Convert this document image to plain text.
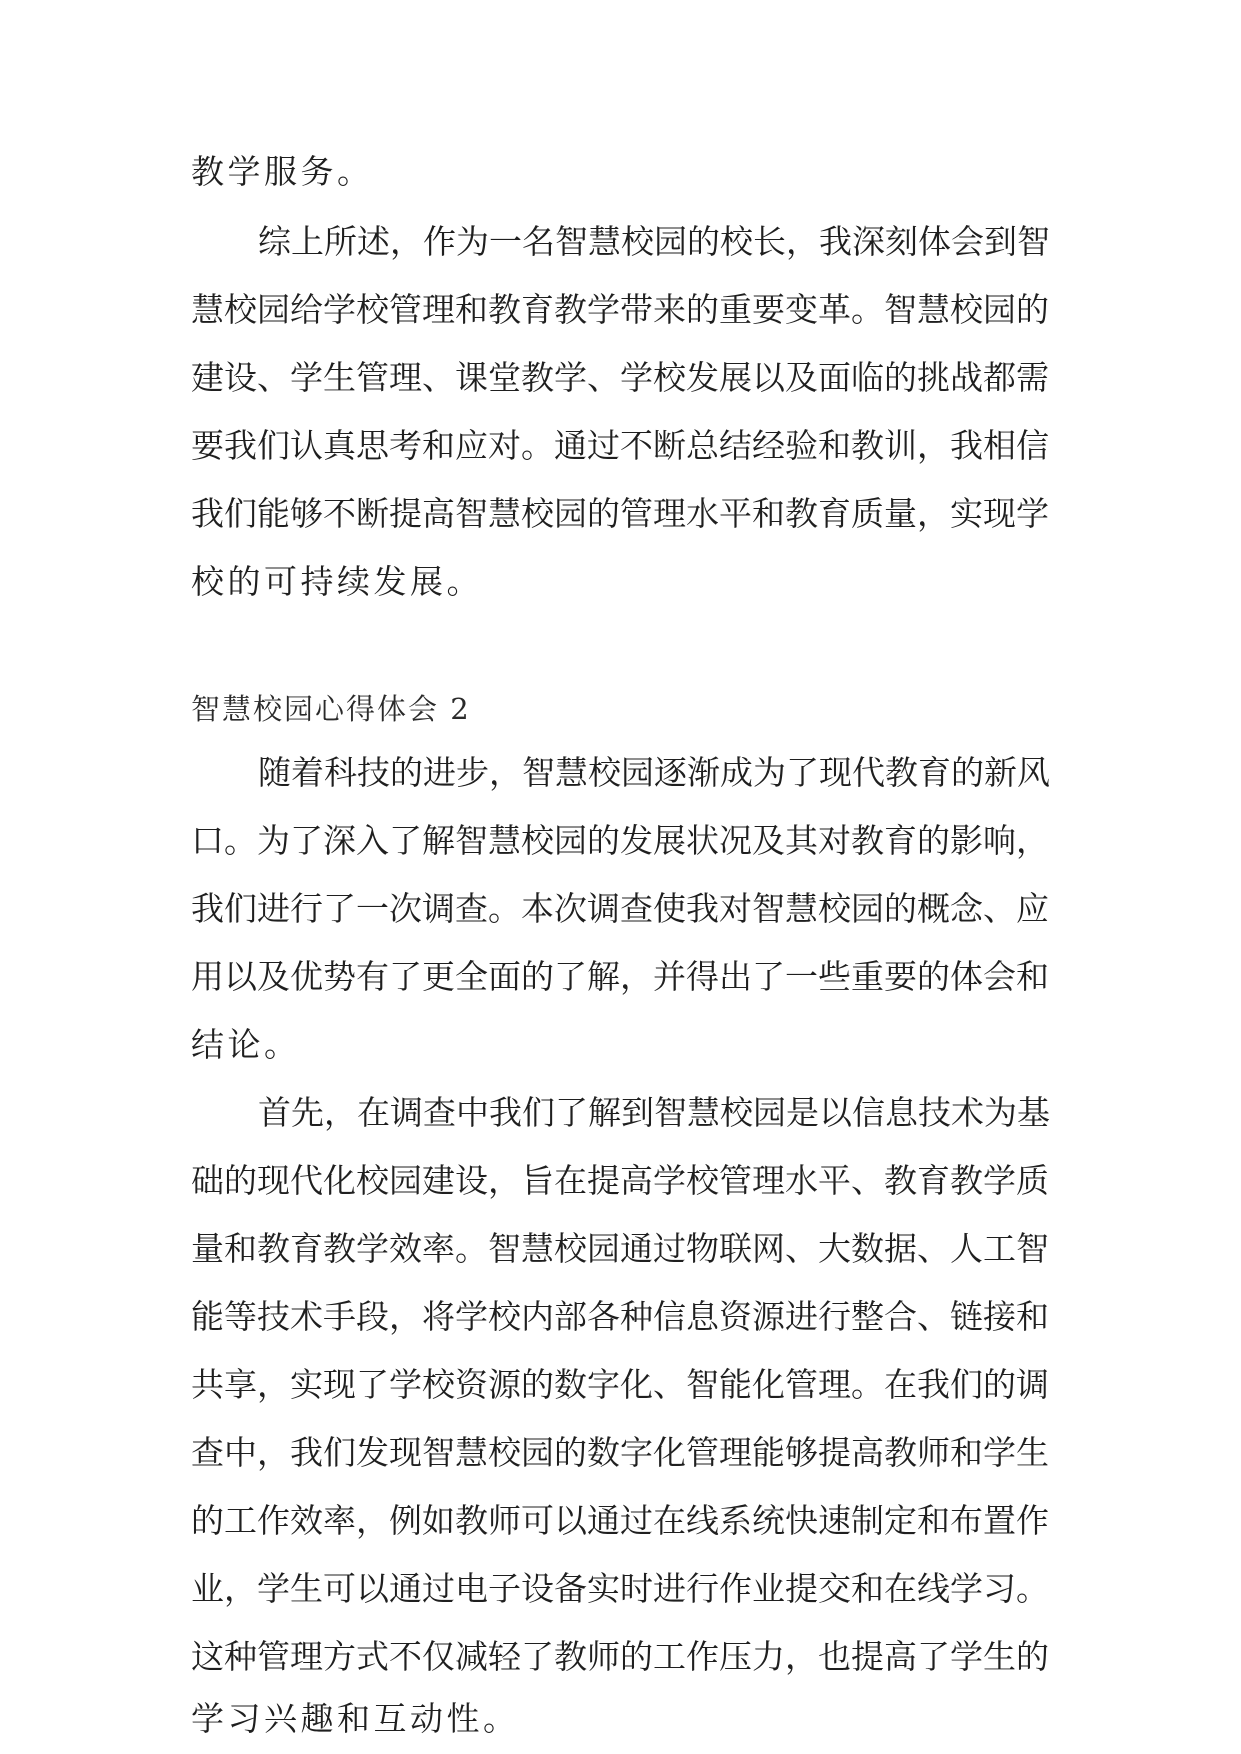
教学服务。
综上所述，作为一名智慧校园的校长，我深刻体会到智
慧校园给学校管理和教育教学带来的重要变革。智慧校园的
建设、学生管理、课堂教学、学校发展以及面临的挑战都需
要我们认真思考和应对。通过不断总结经验和教训，我相信
我们能够不断提高智慧校园的管理水平和教育质量，实现学
校的可持续发展。
智慧校园心得体会 2
随着科技的进步，智慧校园逐渐成为了现代教育的新风
口。为了深入了解智慧校园的发展状况及其对教育的影响，
我们进行了一次调查。本次调查使我对智慧校园的概念、应
用以及优势有了更全面的了解，并得出了一些重要的体会和
结论。
首先，在调查中我们了解到智慧校园是以信息技术为基
础的现代化校园建设，旨在提高学校管理水平、教育教学质
量和教育教学效率。智慧校园通过物联网、大数据、人工智
能等技术手段，将学校内部各种信息资源进行整合、链接和
共享，实现了学校资源的数字化、智能化管理。在我们的调
查中，我们发现智慧校园的数字化管理能够提高教师和学生
的工作效率，例如教师可以通过在线系统快速制定和布置作
业，学生可以通过电子设备实时进行作业提交和在线学习。
这种管理方式不仅减轻了教师的工作压力，也提高了学生的
学习兴趣和互动性。
